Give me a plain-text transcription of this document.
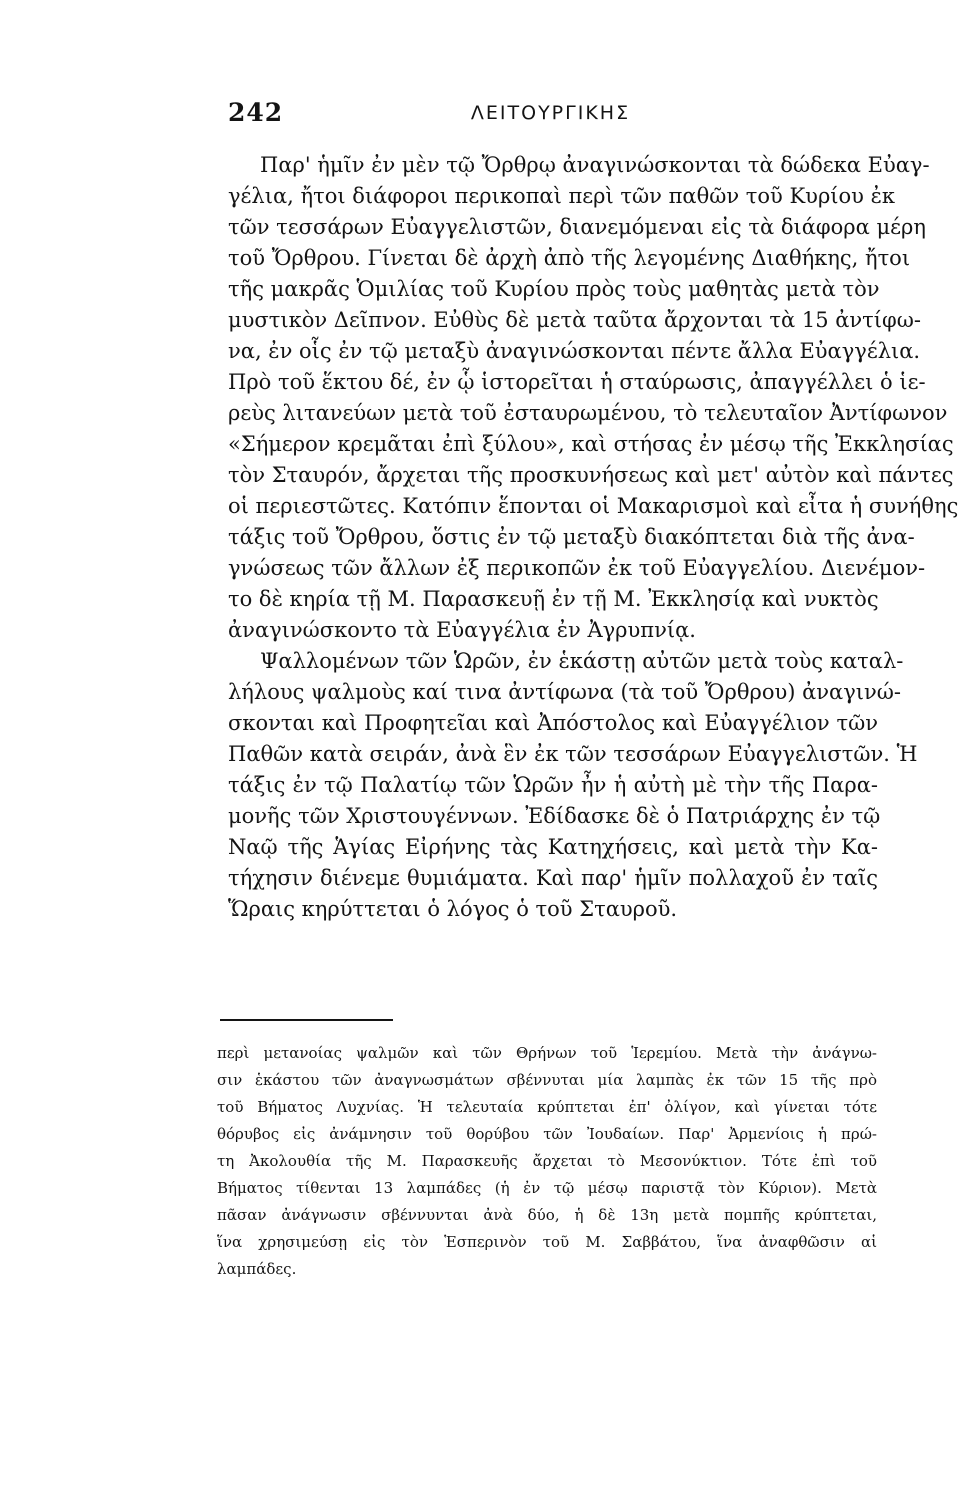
242	ΛΕΙΤΟΥΡΓΙΚΗΣ
Παρ' ἡμῖν ἐν μὲν τῷ Ὄρθρῳ ἀναγινώσκονται τὰ δώδεκα Εὐαγ-
γέλια, ἤτοι διάφοροι περικοπαὶ περὶ τῶν παθῶν τοῦ Κυρίου ἐκ
τῶν τεσσάρων Εὐαγγελιστῶν, διανεμόμεναι εἰς τὰ διάφορα μέρη
τοῦ Ὄρθρου. Γίνεται δὲ ἀρχὴ ἀπὸ τῆς λεγομένης Διαθήκης, ἤτοι
τῆς μακρᾶς Ὁμιλίας τοῦ Κυρίου πρὸς τοὺς μαθητὰς μετὰ τὸν
μυστικὸν Δεῖπνον. Εὐθὺς δὲ μετὰ ταῦτα ἄρχονται τὰ 15 ἀντίφω-
να, ἐν οἷς ἐν τῷ μεταξὺ ἀναγινώσκονται πέντε ἄλλα Εὐαγγέλια.
Πρὸ τοῦ ἕκτου δέ, ἐν ᾧ ἱστορεῖται ἡ σταύρωσις, ἀπαγγέλλει ὁ ἱε-
ρεὺς λιτανεύων μετὰ τοῦ ἐσταυρωμένου, τὸ τελευταῖον Ἀντίφωνον
«Σήμερον κρεμᾶται ἐπὶ ξύλου», καὶ στήσας ἐν μέσῳ τῆς Ἐκκλησίας
τὸν Σταυρόν, ἄρχεται τῆς προσκυνήσεως καὶ μετ' αὐτὸν καὶ πάντες
οἱ περιεστῶτες. Κατόπιν ἕπονται οἱ Μακαρισμοὶ καὶ εἶτα ἡ συνήθης
τάξις τοῦ Ὄρθρου, ὅστις ἐν τῷ μεταξὺ διακόπτεται διὰ τῆς ἀνα-
γνώσεως τῶν ἄλλων ἐξ περικοπῶν ἐκ τοῦ Εὐαγγελίου. Διενέμον-
το δὲ κηρία τῇ Μ. Παρασκευῇ ἐν τῇ Μ. Ἐκκλησίᾳ καὶ νυκτὸς
ἀναγινώσκοντο τὰ Εὐαγγέλια ἐν Ἀγρυπνίᾳ.
Ψαλλομένων τῶν Ὡρῶν, ἐν ἑκάστῃ αὐτῶν μετὰ τοὺς καταλ-
λήλους ψαλμοὺς καί τινα ἀντίφωνα (τὰ τοῦ Ὄρθρου) ἀναγινώ-
σκονται καὶ Προφητεῖαι καὶ Ἀπόστολος καὶ Εὐαγγέλιον τῶν
Παθῶν κατὰ σειράν, ἀνὰ ἓν ἐκ τῶν τεσσάρων Εὐαγγελιστῶν. Ἡ
τάξις ἐν τῷ Παλατίῳ τῶν Ὡρῶν ἦν ἡ αὐτὴ μὲ τὴν τῆς Παρα-
μονῆς τῶν Χριστουγέννων. Ἐδίδασκε δὲ ὁ Πατριάρχης ἐν τῷ
Ναῷ τῆς Ἁγίας Εἰρήνης τὰς Κατηχήσεις, καὶ μετὰ τὴν Κα-
τήχησιν διένεμε θυμιάματα. Καὶ παρ' ἡμῖν πολλαχοῦ ἐν ταῖς
Ὥραις κηρύττεται ὁ λόγος ὁ τοῦ Σταυροῦ.
περὶ μετανοίας ψαλμῶν καὶ τῶν Θρήνων τοῦ Ἱερεμίου. Μετὰ τὴν ἀνάγνω-
σιν ἑκάστου τῶν ἀναγνωσμάτων σβέννυται μία λαμπὰς ἐκ τῶν 15 τῆς πρὸ
τοῦ Βήματος Λυχνίας. Ἡ τελευταία κρύπτεται ἐπ' ὀλίγον, καὶ γίνεται τότε
θόρυβος εἰς ἀνάμνησιν τοῦ θορύβου τῶν Ἰουδαίων. Παρ' Ἀρμενίοις ἡ πρώ-
τη Ἀκολουθία τῆς Μ. Παρασκευῆς ἄρχεται τὸ Μεσονύκτιον. Τότε ἐπὶ τοῦ
Βήματος τίθενται 13 λαμπάδες (ἡ ἐν τῷ μέσῳ παριστᾷ τὸν Κύριον). Μετὰ
πᾶσαν ἀνάγνωσιν σβέννυνται ἀνὰ δύο, ἡ δὲ 13η μετὰ πομπῆς κρύπτεται,
ἵνα χρησιμεύσῃ εἰς τὸν Ἑσπερινὸν τοῦ Μ. Σαββάτου, ἵνα ἀναφθῶσιν αἱ
λαμπάδες.
